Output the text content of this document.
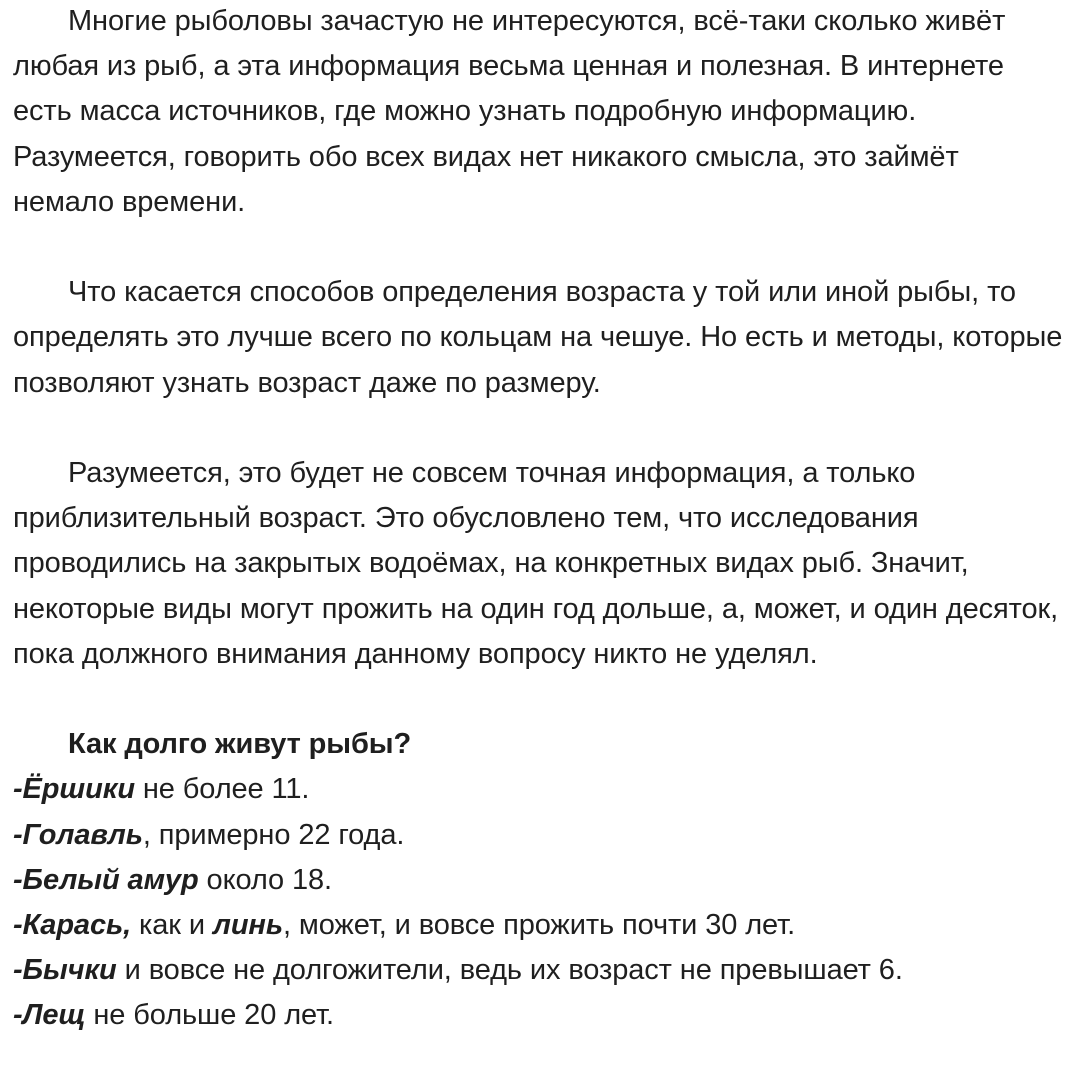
Многие рыболовы зачастую не интересуются, всё-таки сколько живёт любая из рыб, а эта информация весьма ценная и полезная. В интернете есть масса источников, где можно узнать подробную информацию. Разумеется, говорить обо всех видах нет никакого смысла, это займёт немало времени.

Что касается способов определения возраста у той или иной рыбы, то определять это лучше всего по кольцам на чешуе. Но есть и методы, которые позволяют узнать возраст даже по размеру.

Разумеется, это будет не совсем точная информация, а только приблизительный возраст. Это обусловлено тем, что исследования проводились на закрытых водоёмах, на конкретных видах рыб. Значит, некоторые виды могут прожить на один год дольше, а, может, и один десяток, пока должного внимания данному вопросу никто не уделял.

Как долго живут рыбы?
-Ёршики не более 11.
-Голавль, примерно 22 года.
-Белый амур около 18.
-Карась, как и линь, может, и вовсе прожить почти 30 лет.
-Бычки и вовсе не долгожители, ведь их возраст не превышает 6.
-Лещ не больше 20 лет.
